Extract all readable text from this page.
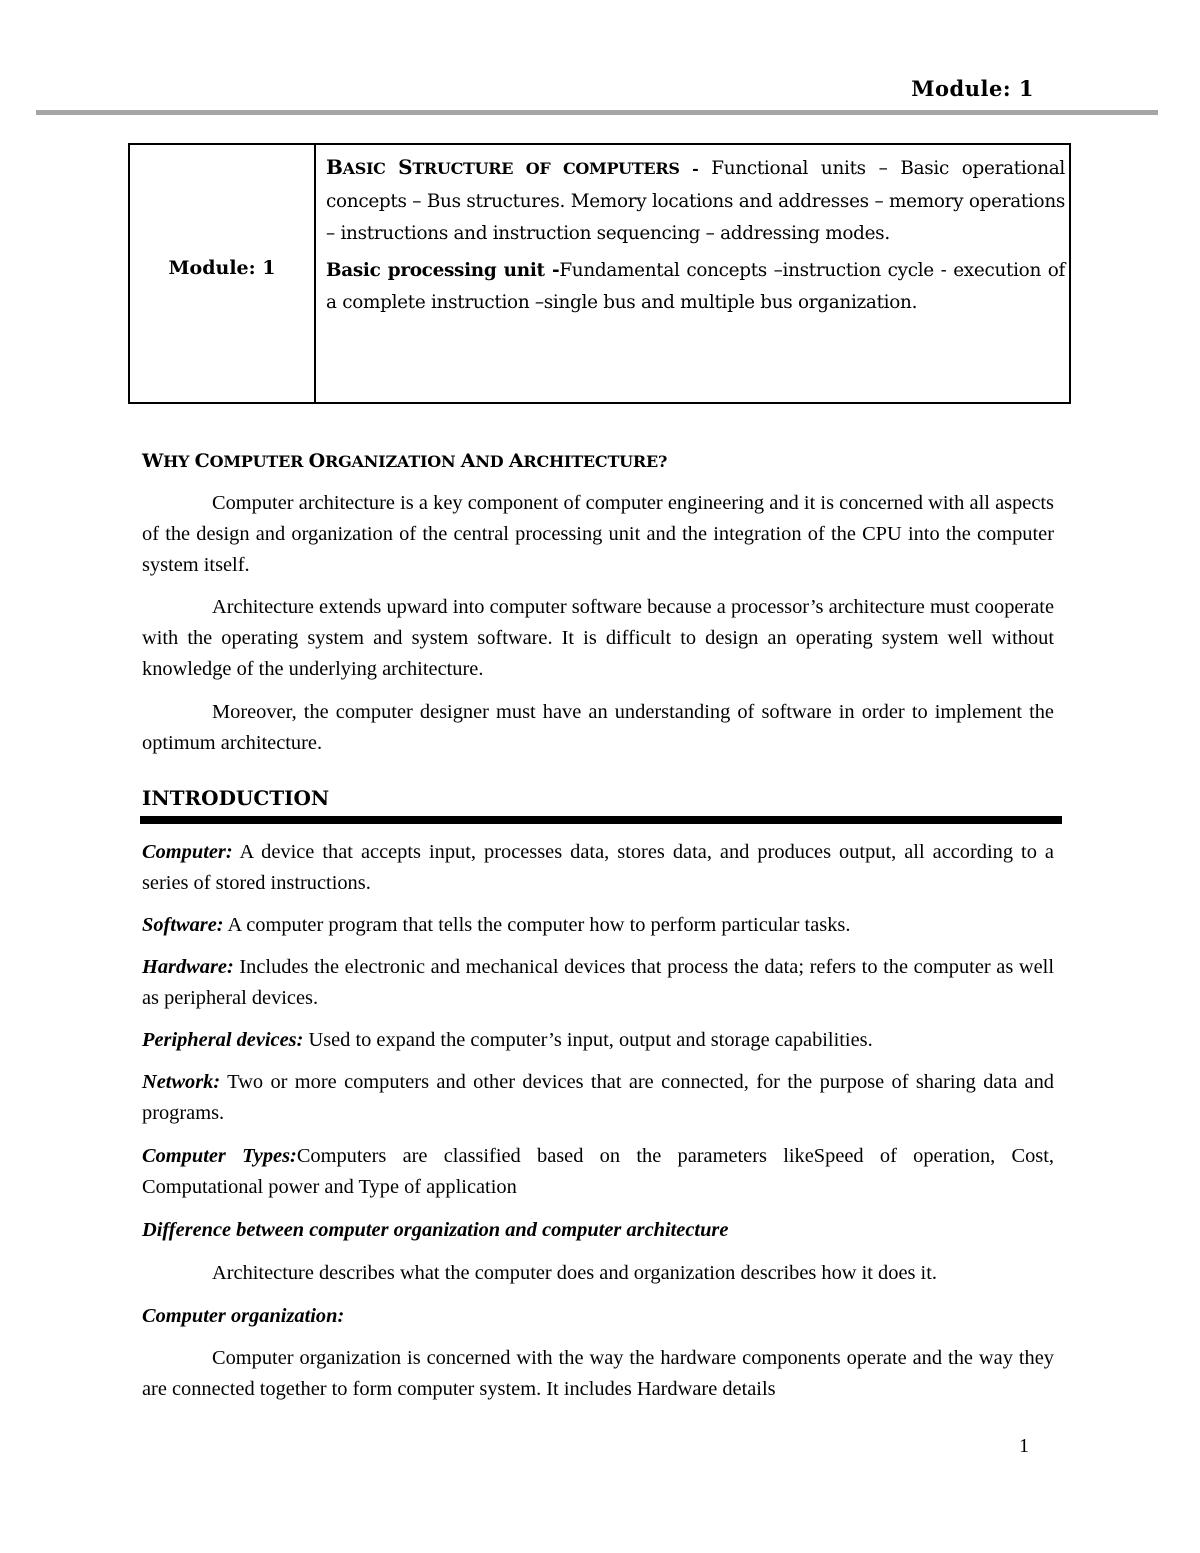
Module: 1
Module: 1	
BASIC STRUCTURE OF COMPUTERS - Functional units – Basic operational concepts – Bus structures. Memory locations and addresses – memory operations – instructions and instruction sequencing – addressing modes.
Basic processing unit -Fundamental concepts –instruction cycle - execution of a complete instruction –single bus and multiple bus organization.
WHY COMPUTER ORGANIZATION AND ARCHITECTURE?

Computer architecture is a key component of computer engineering and it is concerned with all aspects of the design and organization of the central processing unit and the integration of the CPU into the computer system itself.

Architecture extends upward into computer software because a processor’s architecture must cooperate with the operating system and system software. It is difficult to design an operating system well without knowledge of the underlying architecture.

Moreover, the computer designer must have an understanding of software in order to implement the optimum architecture.

INTRODUCTION

Computer: A device that accepts input, processes data, stores data, and produces output, all according to a series of stored instructions.

Software: A computer program that tells the computer how to perform particular tasks.

Hardware: Includes the electronic and mechanical devices that process the data; refers to the computer as well as peripheral devices.

Peripheral devices: Used to expand the computer’s input, output and storage capabilities.

Network: Two or more computers and other devices that are connected, for the purpose of sharing data and programs.

Computer Types:Computers are classified based on the parameters likeSpeed of operation, Cost, Computational power and Type of application

Difference between computer organization and computer architecture

Architecture describes what the computer does and organization describes how it does it.

Computer organization:

Computer organization is concerned with the way the hardware components operate and the way they are connected together to form computer system. It includes Hardware details

1
